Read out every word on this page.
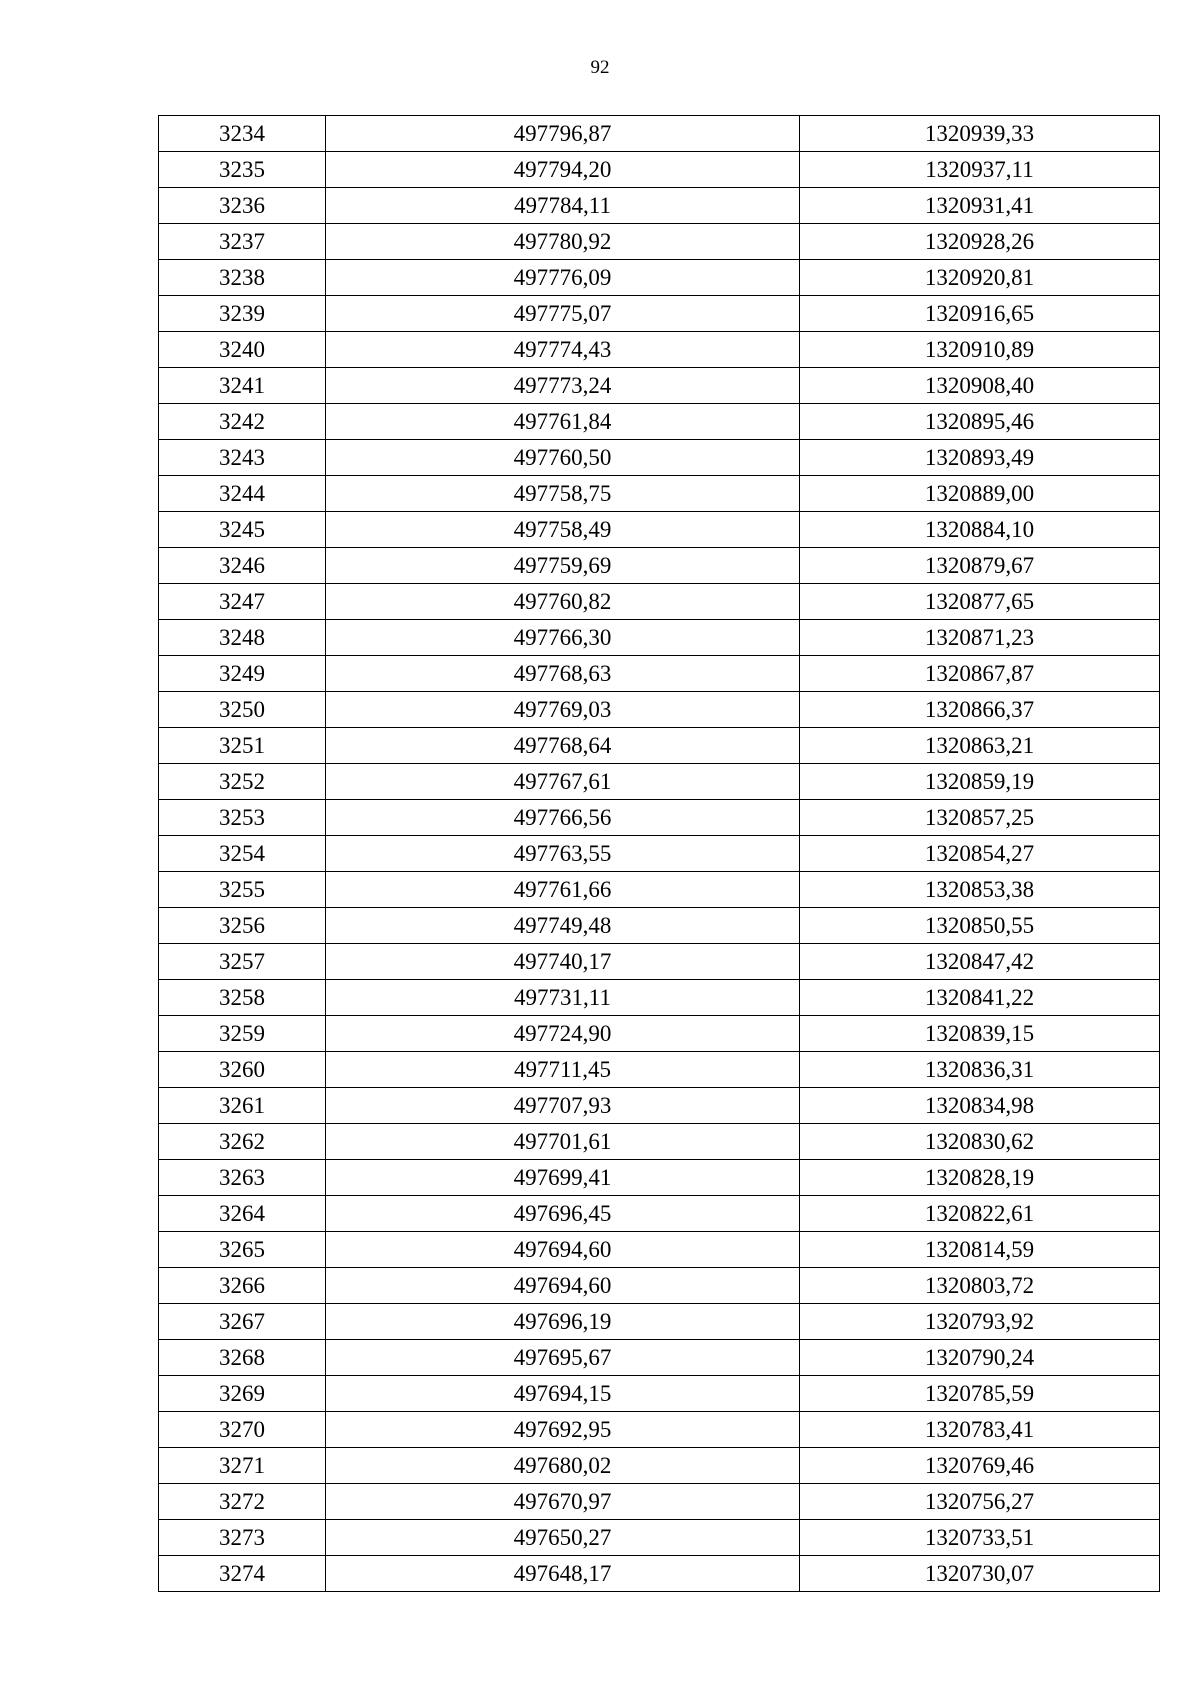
92
3234	497796,87	1320939,33
3235	497794,20	1320937,11
3236	497784,11	1320931,41
3237	497780,92	1320928,26
3238	497776,09	1320920,81
3239	497775,07	1320916,65
3240	497774,43	1320910,89
3241	497773,24	1320908,40
3242	497761,84	1320895,46
3243	497760,50	1320893,49
3244	497758,75	1320889,00
3245	497758,49	1320884,10
3246	497759,69	1320879,67
3247	497760,82	1320877,65
3248	497766,30	1320871,23
3249	497768,63	1320867,87
3250	497769,03	1320866,37
3251	497768,64	1320863,21
3252	497767,61	1320859,19
3253	497766,56	1320857,25
3254	497763,55	1320854,27
3255	497761,66	1320853,38
3256	497749,48	1320850,55
3257	497740,17	1320847,42
3258	497731,11	1320841,22
3259	497724,90	1320839,15
3260	497711,45	1320836,31
3261	497707,93	1320834,98
3262	497701,61	1320830,62
3263	497699,41	1320828,19
3264	497696,45	1320822,61
3265	497694,60	1320814,59
3266	497694,60	1320803,72
3267	497696,19	1320793,92
3268	497695,67	1320790,24
3269	497694,15	1320785,59
3270	497692,95	1320783,41
3271	497680,02	1320769,46
3272	497670,97	1320756,27
3273	497650,27	1320733,51
3274	497648,17	1320730,07
